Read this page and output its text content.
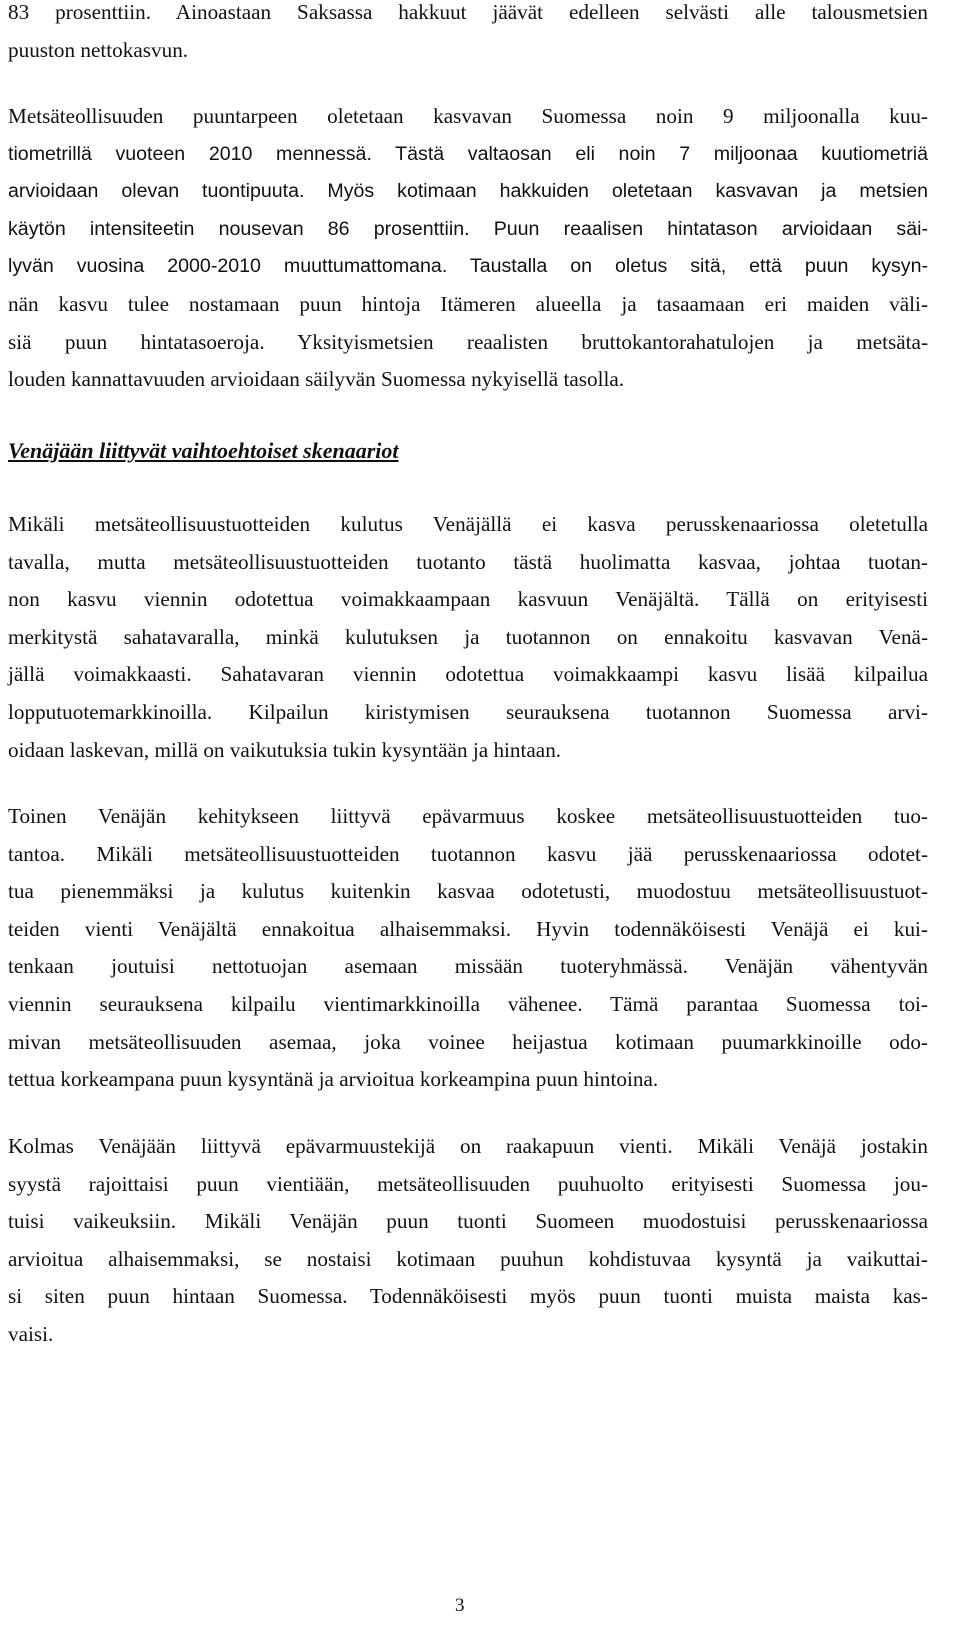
83 prosenttiin. Ainoastaan Saksassa hakkuut jäävät edelleen selvästi alle talousmetsien
puuston nettokasvun.
Metsäteollisuuden puuntarpeen oletetaan kasvavan Suomessa noin 9 miljoonalla kuu-
tiometrillä vuoteen 2010 mennessä. Tästä valtaosan eli noin 7 miljoonaa kuutiometriä
arvioidaan olevan tuontipuuta. Myös kotimaan hakkuiden oletetaan kasvavan ja metsien
käytön intensiteetin nousevan 86 prosenttiin. Puun reaalisen hintatason arvioidaan säi-
lyvän vuosina 2000-2010 muuttumattomana. Taustalla on oletus sitä, että puun kysyn-
nän kasvu tulee nostamaan puun hintoja Itämeren alueella ja tasaamaan eri maiden väli-
siä puun hintatasoeroja. Yksityismetsien reaalisten bruttokantorahatulojen ja metsäta-
louden kannattavuuden arvioidaan säilyvän Suomessa nykyisellä tasolla.
Venäjään liittyvät vaihtoehtoiset skenaariot
Mikäli metsäteollisuustuotteiden kulutus Venäjällä ei kasva perusskenaariossa oletetulla
tavalla, mutta metsäteollisuustuotteiden tuotanto tästä huolimatta kasvaa, johtaa tuotan-
non kasvu viennin odotettua voimakkaampaan kasvuun Venäjältä. Tällä on erityisesti
merkitystä sahatavaralla, minkä kulutuksen ja tuotannon on ennakoitu kasvavan Venä-
jällä voimakkaasti. Sahatavaran viennin odotettua voimakkaampi kasvu lisää kilpailua
lopputuotemarkkinoilla. Kilpailun kiristymisen seurauksena tuotannon Suomessa arvi-
oidaan laskevan, millä on vaikutuksia tukin kysyntään ja hintaan.
Toinen Venäjän kehitykseen liittyvä epävarmuus koskee metsäteollisuustuotteiden tuo-
tantoa. Mikäli metsäteollisuustuotteiden tuotannon kasvu jää perusskenaariossa odotet-
tua pienemmäksi ja kulutus kuitenkin kasvaa odotetusti, muodostuu metsäteollisuustuot-
teiden vienti Venäjältä ennakoitua alhaisemmaksi. Hyvin todennäköisesti Venäjä ei kui-
tenkaan joutuisi nettotuojan asemaan missään tuoteryhmässä. Venäjän vähentyvän
viennin seurauksena kilpailu vientimarkkinoilla vähenee. Tämä parantaa Suomessa toi-
mivan metsäteollisuuden asemaa, joka voinee heijastua kotimaan puumarkkinoille odo-
tettua korkeampana puun kysyntänä ja arvioitua korkeampina puun hintoina.
Kolmas Venäjään liittyvä epävarmuustekijä on raakapuun vienti. Mikäli Venäjä jostakin
syystä rajoittaisi puun vientiään, metsäteollisuuden puuhuolto erityisesti Suomessa jou-
tuisi vaikeuksiin. Mikäli Venäjän puun tuonti Suomeen muodostuisi perusskenaariossa
arvioitua alhaisemmaksi, se nostaisi kotimaan puuhun kohdistuvaa kysyntä ja vaikuttai-
si siten puun hintaan Suomessa. Todennäköisesti myös puun tuonti muista maista kas-
vaisi.
3
